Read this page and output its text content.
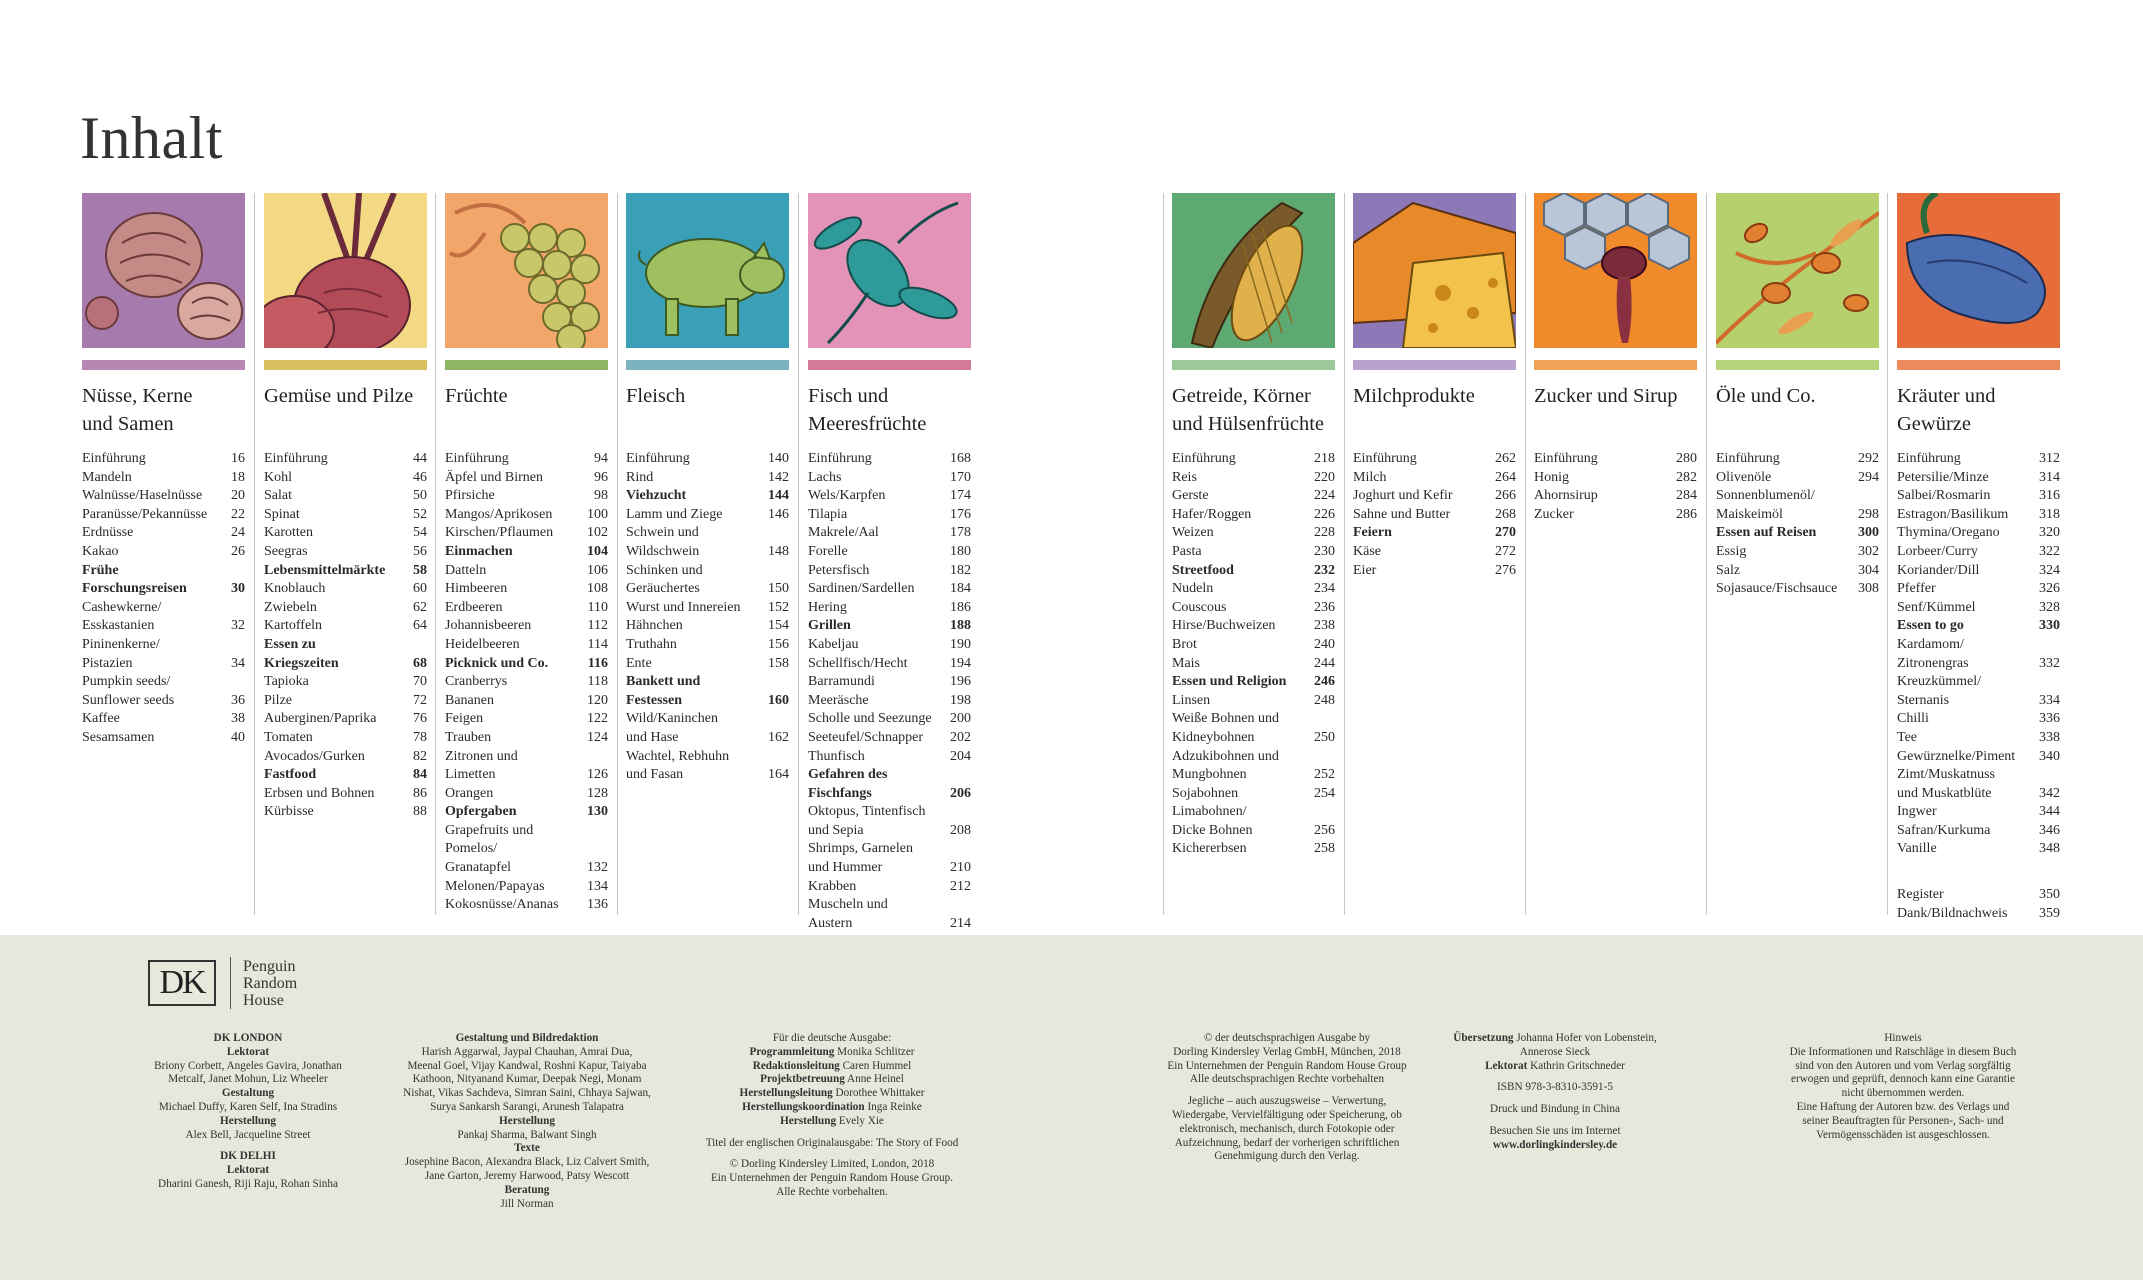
Inhalt
Nüsse, Kerne
und Samen
Einführung	16
Mandeln	18
Walnüsse/Haselnüsse 20
Paranüsse/Pekannüsse 22
Erdnüsse	24
Kakao	26
Frühe
Forschungsreisen	30
Cashewkerne/
Esskastanien	32
Pininenkerne/
Pistazien	34
Pumpkin seeds/
Sunflower seeds	36
Kaffee	38
Sesamsamen	40
Gemüse und Pilze
Einführung	44
Kohl	46
Salat	50
Spinat	52
Karotten	54
Seegras	56
Lebensmittelmärkte 58
Knoblauch	60
Zwiebeln	62
Kartoffeln	64
Essen zu
Kriegszeiten	68
Tapioka	70
Pilze	72
Auberginen/Paprika	76
Tomaten	78
Avocados/Gurken	82
Fastfood	84
Erbsen und Bohnen	86
Kürbisse	88
Früchte
Einführung	94
Äpfel und Birnen	96
Pfirsiche	98
Mangos/Aprikosen 100
Kirschen/Pflaumen 102
Einmachen	104
Datteln	106
Himbeeren	108
Erdbeeren	110
Johannisbeeren	112
Heidelbeeren	114
Picknick und Co.	116
Cranberrys	118
Bananen	120
Feigen	122
Trauben	124
Zitronen und
Limetten	126
Orangen	128
Opfergaben	130
Grapefruits und Pomelos/
Granatapfel	132
Melonen/Papayas	134
Kokosnüsse/Ananas 136
Fleisch
Einführung	140
Rind	142
Viehzucht	144
Lamm und Ziege	146
Schwein und
Wildschwein	148
Schinken und
Geräuchertes	150
Wurst und Innereien 152
Hähnchen	154
Truthahn	156
Ente	158
Bankett und
Festessen	160
Wild/Kaninchen
und Hase	162
Wachtel, Rebhuhn
und Fasan	164
Fisch und
Meeresfrüchte
Einführung	168
Lachs	170
Wels/Karpfen	174
Tilapia	176
Makrele/Aal	178
Forelle	180
Petersfisch	182
Sardinen/Sardellen	184
Hering	186
Grillen	188
Kabeljau	190
Schellfisch/Hecht	194
Barramundi	196
Meeräsche	198
Scholle und Seezunge 200
Seeteufel/Schnapper 202
Thunfisch	204
Gefahren des
Fischfangs	206
Oktopus, Tintenfisch
und Sepia	208
Shrimps, Garnelen
und Hummer	210
Krabben	212
Muscheln und
Austern	214
Getreide, Körner
und Hülsenfrüchte
Einführung	218
Reis	220
Gerste	224
Hafer/Roggen	226
Weizen	228
Pasta	230
Streetfood	232
Nudeln	234
Couscous	236
Hirse/Buchweizen	238
Brot	240
Mais	244
Essen und Religion 246
Linsen	248
Weiße Bohnen und
Kidneybohnen	250
Adzukibohnen und
Mungbohnen	252
Sojabohnen	254
Limabohnen/
Dicke Bohnen	256
Kichererbsen	258
Milchprodukte
Einführung	262
Milch	264
Joghurt und Kefir	266
Sahne und Butter	268
Feiern	270
Käse	272
Eier	276
Zucker und Sirup
Einführung	280
Honig	282
Ahornsirup	284
Zucker	286
Öle und Co.
Einführung	292
Olivenöle	294
Sonnenblumenöl/
Maiskeimöl	298
Essen auf Reisen	300
Essig	302
Salz	304
Sojasauce/Fischsauce 308
Kräuter und
Gewürze
Einführung	312
Petersilie/Minze	314
Salbei/Rosmarin	316
Estragon/Basilikum 318
Thymina/Oregano	320
Lorbeer/Curry	322
Koriander/Dill	324
Pfeffer	326
Senf/Kümmel	328
Essen to go	330
Kardamom/
Zitronengras	332
Kreuzkümmel/
Sternanis	334
Chilli	336
Tee	338
Gewürznelke/Piment 340
Zimt/Muskatnuss
und Muskatblüte	342
Ingwer	344
Safran/Kurkuma	346
Vanille	348
Register	350
Dank/Bildnachweis 359
DK	Penguin
Random
House
DK LONDON
Lektorat
Briony Corbett, Angeles Gavira, Jonathan
Metcalf, Janet Mohun, Liz Wheeler
Gestaltung
Michael Duffy, Karen Self, Ina Stradins
Herstellung
Alex Bell, Jacqueline Street
DK DELHI
Lektorat
Dharini Ganesh, Riji Raju, Rohan Sinha
Gestaltung und Bildredaktion
Harish Aggarwal, Jaypal Chauhan, Amrai Dua,
Meenal Goel, Vijay Kandwal, Roshni Kapur, Taiyaba
Kathoon, Nityanand Kumar, Deepak Negi, Monam
Nishat, Vikas Sachdeva, Simran Saini, Chhaya Sajwan,
Surya Sankarsh Sarangi, Arunesh Talapatra
Herstellung
Pankaj Sharma, Balwant Singh
Texte
Josephine Bacon, Alexandra Black, Liz Calvert Smith,
Jane Garton, Jeremy Harwood, Patsy Wescott
Beratung
Jill Norman
Für die deutsche Ausgabe:
Programmleitung Monika Schlitzer
Redaktionsleitung Caren Hummel
Projektbetreuung Anne Heinel
Herstellungsleitung Dorothee Whittaker
Herstellungskoordination Inga Reinke
Herstellung Evely Xie
Titel der englischen Originalausgabe: The Story of Food
© Dorling Kindersley Limited, London, 2018
Ein Unternehmen der Penguin Random House Group.
Alle Rechte vorbehalten.
© der deutschsprachigen Ausgabe by
Dorling Kindersley Verlag GmbH, München, 2018
Ein Unternehmen der Penguin Random House Group
Alle deutschsprachigen Rechte vorbehalten
Jegliche – auch auszugsweise – Verwertung,
Wiedergabe, Vervielfältigung oder Speicherung, ob
elektronisch, mechanisch, durch Fotokopie oder
Aufzeichnung, bedarf der vorherigen schriftlichen
Genehmigung durch den Verlag.
Übersetzung Johanna Hofer von Lobenstein,
Annerose Sieck
Lektorat Kathrin Gritschneder
ISBN 978-3-8310-3591-5
Druck und Bindung in China
Besuchen Sie uns im Internet
www.dorlingkindersley.de
Hinweis
Die Informationen und Ratschläge in diesem Buch
sind von den Autoren und vom Verlag sorgfältig
erwogen und geprüft, dennoch kann eine Garantie
nicht übernommen werden.
Eine Haftung der Autoren bzw. des Verlags und
seiner Beauftragten für Personen-, Sach- und
Vermögensschäden ist ausgeschlossen.
